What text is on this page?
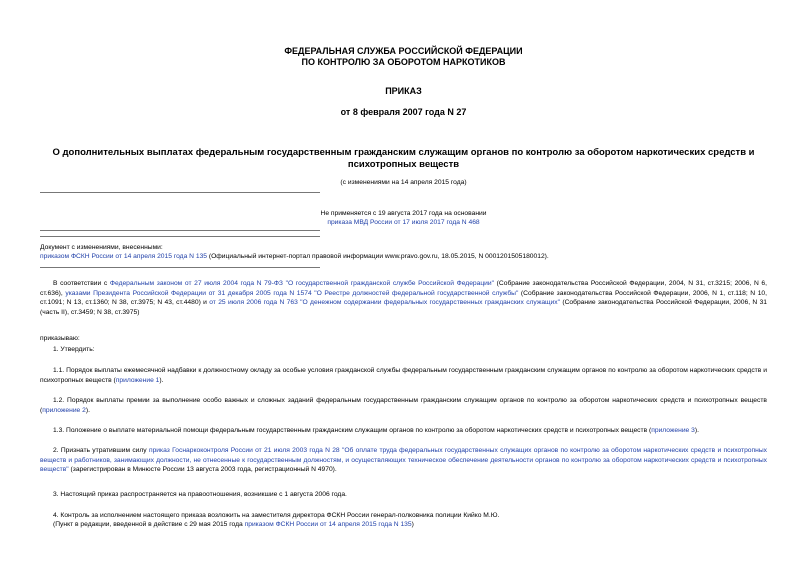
ФЕДЕРАЛЬНАЯ СЛУЖБА РОССИЙСКОЙ ФЕДЕРАЦИИ
ПО КОНТРОЛЮ ЗА ОБОРОТОМ НАРКОТИКОВ
ПРИКАЗ
от 8 февраля 2007 года N 27
О дополнительных выплатах федеральным государственным гражданским служащим органов по контролю за оборотом наркотических средств и психотропных веществ
(с изменениями на 14 апреля 2015 года)
Не применяется с 19 августа 2017 года на основании
приказа МВД России от 17 июля 2017 года N 468
Документ с изменениями, внесенными:
приказом ФСКН России от 14 апреля 2015 года N 135 (Официальный интернет-портал правовой информации www.pravo.gov.ru, 18.05.2015, N 0001201505180012).
В соответствии с Федеральным законом от 27 июля 2004 года N 79-ФЗ "О государственной гражданской службе Российской Федерации" (Собрание законодательства Российской Федерации, 2004, N 31, ст.3215; 2006, N 6, ст.636), указами Президента Российской Федерации от 31 декабря 2005 года N 1574 "О Реестре должностей федеральной государственной службы" (Собрание законодательства Российской Федерации, 2006, N 1, ст.118; N 10, ст.1091; N 13, ст.1360; N 38, ст.3975; N 43, ст.4480) и от 25 июля 2006 года N 763 "О денежном содержании федеральных государственных гражданских служащих" (Собрание законодательства Российской Федерации, 2006, N 31 (часть II), ст.3459; N 38, ст.3975)
приказываю:
1. Утвердить:
1.1. Порядок выплаты ежемесячной надбавки к должностному окладу за особые условия гражданской службы федеральным государственным гражданским служащим органов по контролю за оборотом наркотических средств и психотропных веществ (приложение 1).
1.2. Порядок выплаты премии за выполнение особо важных и сложных заданий федеральным государственным гражданским служащим органов по контролю за оборотом наркотических средств и психотропных веществ (приложение 2).
1.3. Положение о выплате материальной помощи федеральным государственным гражданским служащим органов по контролю за оборотом наркотических средств и психотропных веществ (приложение 3).
2. Признать утратившим силу приказ Госнаркоконтроля России от 21 июля 2003 года N 28 "Об оплате труда федеральных государственных служащих органов по контролю за оборотом наркотических средств и психотропных веществ и работников, занимающих должности, не отнесенные к государственным должностям, и осуществляющих техническое обеспечение деятельности органов по контролю за оборотом наркотических средств и психотропных веществ" (зарегистрирован в Минюсте России 13 августа 2003 года, регистрационный N 4970).
3. Настоящий приказ распространяется на правоотношения, возникшие с 1 августа 2006 года.
4. Контроль за исполнением настоящего приказа возложить на заместителя директора ФСКН России генерал-полковника полиции Кийко М.Ю.
(Пункт в редакции, введенной в действие с 29 мая 2015 года приказом ФСКН России от 14 апреля 2015 года N 135)
